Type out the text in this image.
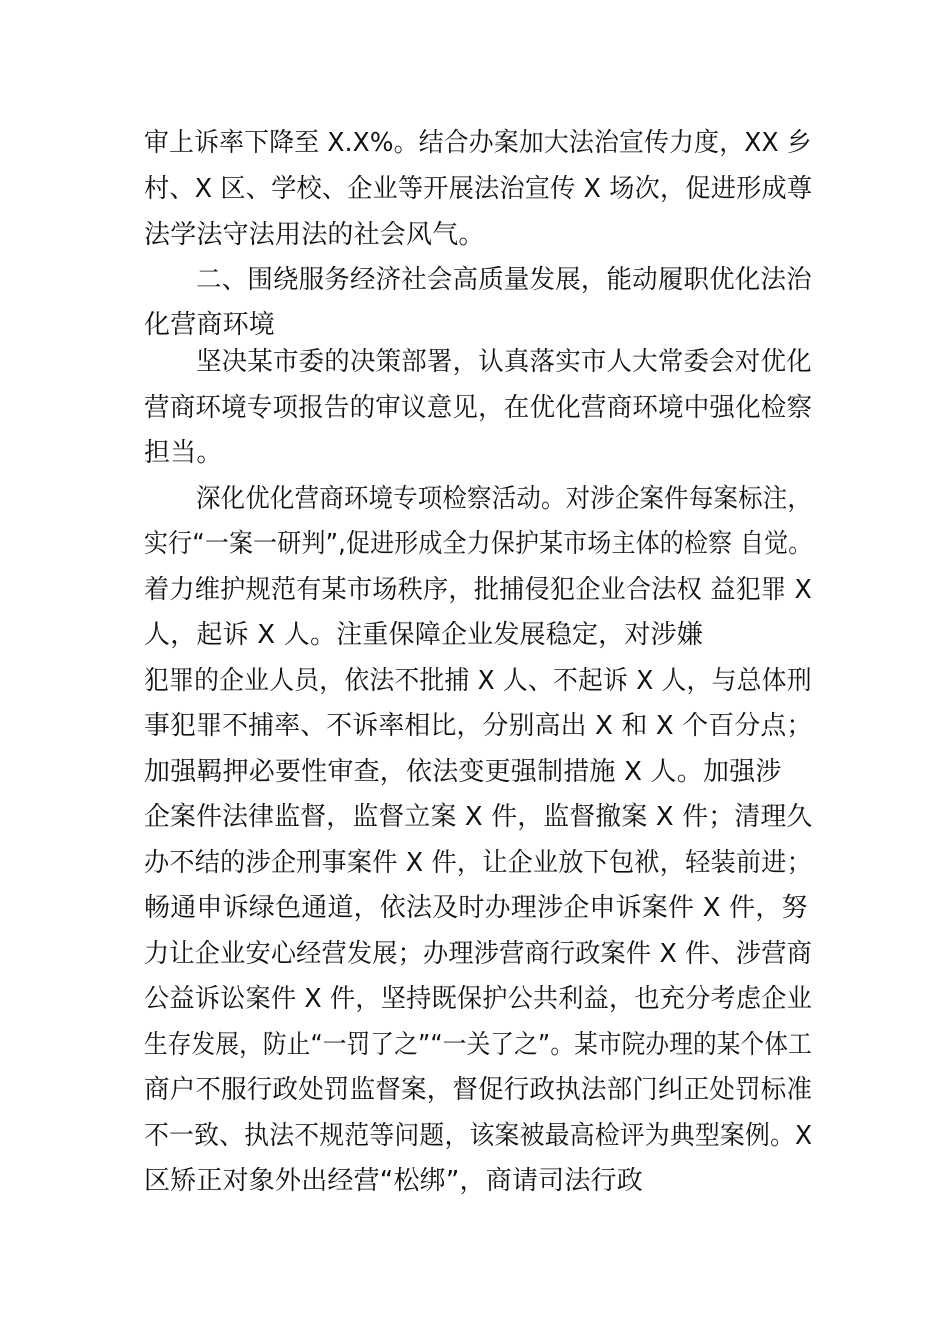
审上诉率下降至 X.X%。结合办案加大法治宣传力度，XX 乡
村、X 区、学校、企业等开展法治宣传 X 场次，促进形成尊
法学法守法用法的社会风气。
二、围绕服务经济社会高质量发展，能动履职优化法治
化营商环境
坚决某市委的决策部署，认真落实市人大常委会对优化
营商环境专项报告的审议意见，在优化营商环境中强化检察
担当。
深化优化营商环境专项检察活动。对涉企案件每案标注，
实行“一案一研判”,促进形成全力保护某市场主体的检察 自觉。
着力维护规范有某市场秩序，批捕侵犯企业合法权 益犯罪 X
人，起诉 X 人。注重保障企业发展稳定，对涉嫌
犯罪的企业人员，依法不批捕 X 人、不起诉 X 人，与总体刑
事犯罪不捕率、不诉率相比，分别高出 X 和 X 个百分点；
加强羁押必要性审查，依法变更强制措施 X 人。加强涉
企案件法律监督，监督立案 X 件，监督撤案 X 件；清理久
办不结的涉企刑事案件 X 件，让企业放下包袱，轻装前进；
畅通申诉绿色通道，依法及时办理涉企申诉案件 X 件，努
力让企业安心经营发展；办理涉营商行政案件 X 件、涉营商
公益诉讼案件 X 件，坚持既保护公共利益，也充分考虑企业
生存发展，防止“一罚了之”“一关了之”。某市院办理的某个体工
商户不服行政处罚监督案，督促行政执法部门纠正处罚标准
不一致、执法不规范等问题，该案被最高检评为典型案例。X
区矫正对象外出经营“松绑”，商请司法行政
